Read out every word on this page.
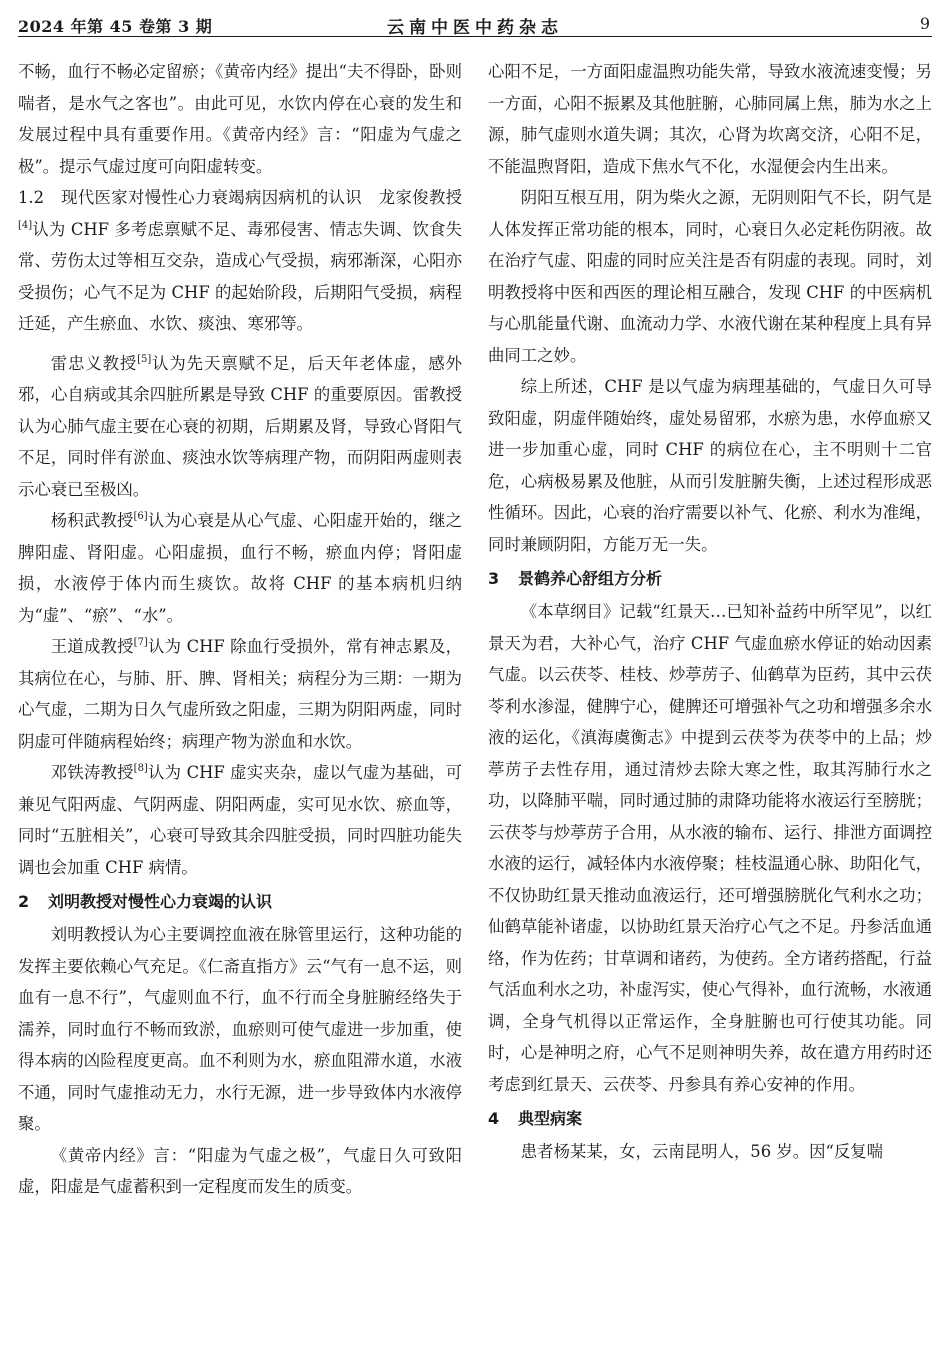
2024 年第 45 卷第 3 期	云南中医中药杂志	9

不畅，血行不畅必定留瘀；《黄帝内经》提出“夫不得卧，卧则喘者，是水气之客也”。由此可见，水饮内停在心衰的发生和发展过程中具有重要作用。《黄帝内经》言：“阳虚为气虚之极”。提示气虚过度可向阳虚转变。

1.2　现代医家对慢性心力衰竭病因病机的认识　龙家俊教授[4]认为 CHF 多考虑禀赋不足、毒邪侵害、情志失调、饮食失常、劳伤太过等相互交杂，造成心气受损，病邪渐深，心阳亦受损伤；心气不足为 CHF 的起始阶段，后期阳气受损，病程迁延，产生瘀血、水饮、痰浊、寒邪等。

雷忠义教授[5]认为先天禀赋不足，后天年老体虚，感外邪，心自病或其余四脏所累是导致 CHF 的重要原因。雷教授认为心肺气虚主要在心衰的初期，后期累及肾，导致心肾阳气不足，同时伴有淤血、痰浊水饮等病理产物，而阴阳两虚则表示心衰已至极凶。

杨积武教授[6]认为心衰是从心气虚、心阳虚开始的，继之脾阳虚、肾阳虚。心阳虚损，血行不畅，瘀血内停；肾阳虚损，水液停于体内而生痰饮。故将 CHF 的基本病机归纳为“虚”、“瘀”、“水”。

王道成教授[7]认为 CHF 除血行受损外，常有神志累及，其病位在心，与肺、肝、脾、肾相关；病程分为三期：一期为心气虚，二期为日久气虚所致之阳虚，三期为阴阳两虚，同时阴虚可伴随病程始终；病理产物为淤血和水饮。

邓铁涛教授[8]认为 CHF 虚实夹杂，虚以气虚为基础，可兼见气阳两虚、气阴两虚、阴阳两虚，实可见水饮、瘀血等，同时“五脏相关”，心衰可导致其余四脏受损，同时四脏功能失调也会加重 CHF 病情。

2 刘明教授对慢性心力衰竭的认识

刘明教授认为心主要调控血液在脉管里运行，这种功能的发挥主要依赖心气充足。《仁斋直指方》云“气有一息不运，则血有一息不行”，气虚则血不行，血不行而全身脏腑经络失于濡养，同时血行不畅而致淤，血瘀则可使气虚进一步加重，使得本病的凶险程度更高。血不利则为水，瘀血阻滞水道，水液不通，同时气虚推动无力，水行无源，进一步导致体内水液停聚。

《黄帝内经》言：“阳虚为气虚之极”，气虚日久可致阳虚，阳虚是气虚蓄积到一定程度而发生的质变。

心阳不足，一方面阳虚温煦功能失常，导致水液流速变慢；另一方面，心阳不振累及其他脏腑，心肺同属上焦，肺为水之上源，肺气虚则水道失调；其次，心肾为坎离交济，心阳不足，不能温煦肾阳，造成下焦水气不化，水湿便会内生出来。

阴阳互根互用，阴为柴火之源，无阴则阳气不长，阴气是人体发挥正常功能的根本，同时，心衰日久必定耗伤阴液。故在治疗气虚、阳虚的同时应关注是否有阴虚的表现。同时，刘明教授将中医和西医的理论相互融合，发现 CHF 的中医病机与心肌能量代谢、血流动力学、水液代谢在某种程度上具有异曲同工之妙。

综上所述，CHF 是以气虚为病理基础的，气虚日久可导致阳虚，阴虚伴随始终，虚处易留邪，水瘀为患，水停血瘀又进一步加重心虚，同时 CHF 的病位在心，主不明则十二官危，心病极易累及他脏，从而引发脏腑失衡，上述过程形成恶性循环。因此，心衰的治疗需要以补气、化瘀、利水为准绳，同时兼顾阴阳，方能万无一失。

3 景鹤养心舒组方分析

《本草纲目》记载“红景天…已知补益药中所罕见”，以红景天为君，大补心气，治疗 CHF 气虚血瘀水停证的始动因素气虚。以云茯苓、桂枝、炒葶苈子、仙鹤草为臣药，其中云茯苓利水渗湿，健脾宁心，健脾还可增强补气之功和增强多余水液的运化，《滇海虞衡志》中提到云茯苓为茯苓中的上品；炒葶苈子去性存用，通过清炒去除大寒之性，取其泻肺行水之功，以降肺平喘，同时通过肺的肃降功能将水液运行至膀胱；云茯苓与炒葶苈子合用，从水液的输布、运行、排泄方面调控水液的运行，减轻体内水液停聚；桂枝温通心脉、助阳化气，不仅协助红景天推动血液运行，还可增强膀胱化气利水之功；仙鹤草能补诸虚，以协助红景天治疗心气之不足。丹参活血通络，作为佐药；甘草调和诸药，为使药。全方诸药搭配，行益气活血利水之功，补虚泻实，使心气得补，血行流畅，水液通调，全身气机得以正常运作，全身脏腑也可行使其功能。同时，心是神明之府，心气不足则神明失养，故在遣方用药时还考虑到红景天、云茯苓、丹参具有养心安神的作用。

4 典型病案

患者杨某某，女，云南昆明人，56 岁。因“反复喘
